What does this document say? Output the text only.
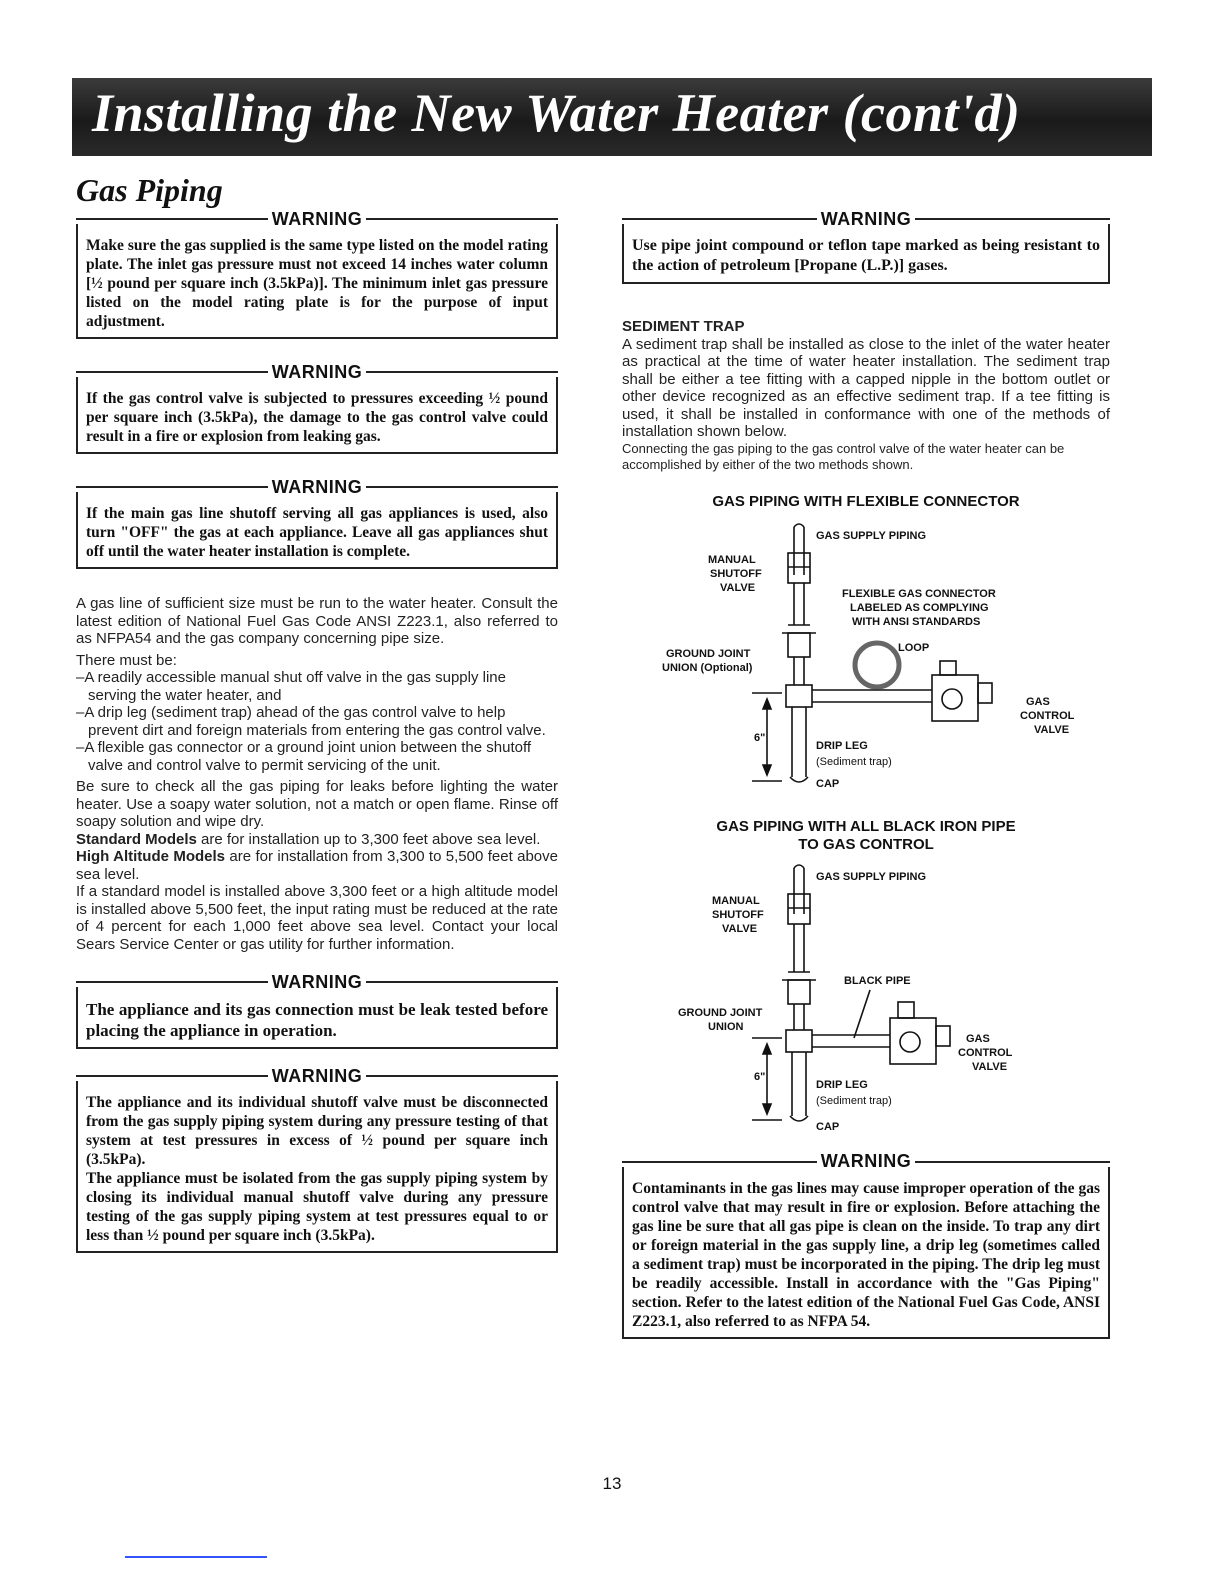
Installing the New Water Heater (cont'd)
Gas Piping
WARNING
Make sure the gas supplied is the same type listed on the model rating plate. The inlet gas pressure must not exceed 14 inches water column [½ pound per square inch (3.5kPa)]. The minimum inlet gas pressure listed on the model rating plate is for the purpose of input adjustment.
WARNING
If the gas control valve is subjected to pressures exceeding ½ pound per square inch (3.5kPa), the damage to the gas control valve could result in a fire or explosion from leaking gas.
WARNING
If the main gas line shutoff serving all gas appliances is used, also turn "OFF" the gas at each appliance. Leave all gas appliances shut off until the water heater installation is complete.

A gas line of sufficient size must be run to the water heater. Consult the latest edition of National Fuel Gas Code ANSI Z223.1, also referred to as NFPA54 and the gas company concerning pipe size.

There must be:

–A readily accessible manual shut off valve in the gas supply line serving the water heater, and

–A drip leg (sediment trap) ahead of the gas control valve to help prevent dirt and foreign materials from entering the gas control valve.

–A flexible gas connector or a ground joint union between the shutoff valve and control valve to permit servicing of the unit.

Be sure to check all the gas piping for leaks before lighting the water heater. Use a soapy water solution, not a match or open flame. Rinse off soapy solution and wipe dry.

Standard Models are for installation up to 3,300 feet above sea level.

High Altitude Models are for installation from 3,300 to 5,500 feet above sea level.

If a standard model is installed above 3,300 feet or a high altitude model is installed above 5,500 feet, the input rating must be reduced at the rate of 4 percent for each 1,000 feet above sea level. Contact your local Sears Service Center or gas utility for further information.

WARNING
The appliance and its gas connection must be leak tested before placing the appliance in operation.
WARNING

The appliance and its individual shutoff valve must be disconnected from the gas supply piping system during any pressure testing of that system at test pressures in excess of ½ pound per square inch (3.5kPa).

The appliance must be isolated from the gas supply piping system by closing its individual manual shutoff valve during any pressure testing of the gas supply piping system at test pressures equal to or less than ½ pound per square inch (3.5kPa).

WARNING
Use pipe joint compound or teflon tape marked as being resistant to the action of petroleum [Propane (L.P.)] gases.

SEDIMENT TRAP

A sediment trap shall be installed as close to the inlet of the water heater as practical at the time of water heater installation. The sediment trap shall be either a tee fitting with a capped nipple in the bottom outlet or other device recognized as an effective sediment trap. If a tee fitting is used, it shall be installed in conformance with one of the methods of installation shown below.

Connecting the gas piping to the gas control valve of the water heater can be accomplished by either of the two methods shown.

GAS PIPING WITH FLEXIBLE CONNECTOR

GAS SUPPLY PIPING
MANUAL
SHUTOFF
VALVE	FLEXIBLE GAS CONNECTOR
LABELED AS COMPLYING
WITH ANSI STANDARDS
GROUND JOINT
UNION (Optional)
LOOP
GAS
CONTROL
VALVE
DRIP LEG
(Sediment trap)
6"
CAP

GAS PIPING WITH ALL BLACK IRON PIPE
TO GAS CONTROL

GAS SUPPLY PIPING
MANUAL
SHUTOFF
VALVE
BLACK PIPE
GROUND JOINT
UNION
GAS
CONTROL
VALVE
DRIP LEG
(Sediment trap)
6"
CAP
WARNING
Contaminants in the gas lines may cause improper operation of the gas control valve that may result in fire or explosion. Before attaching the gas line be sure that all gas pipe is clean on the inside. To trap any dirt or foreign material in the gas supply line, a drip leg (sometimes called a sediment trap) must be incorporated in the piping. The drip leg must be readily accessible. Install in accordance with the "Gas Piping" section. Refer to the latest edition of the National Fuel Gas Code, ANSI Z223.1, also referred to as NFPA 54.
13
